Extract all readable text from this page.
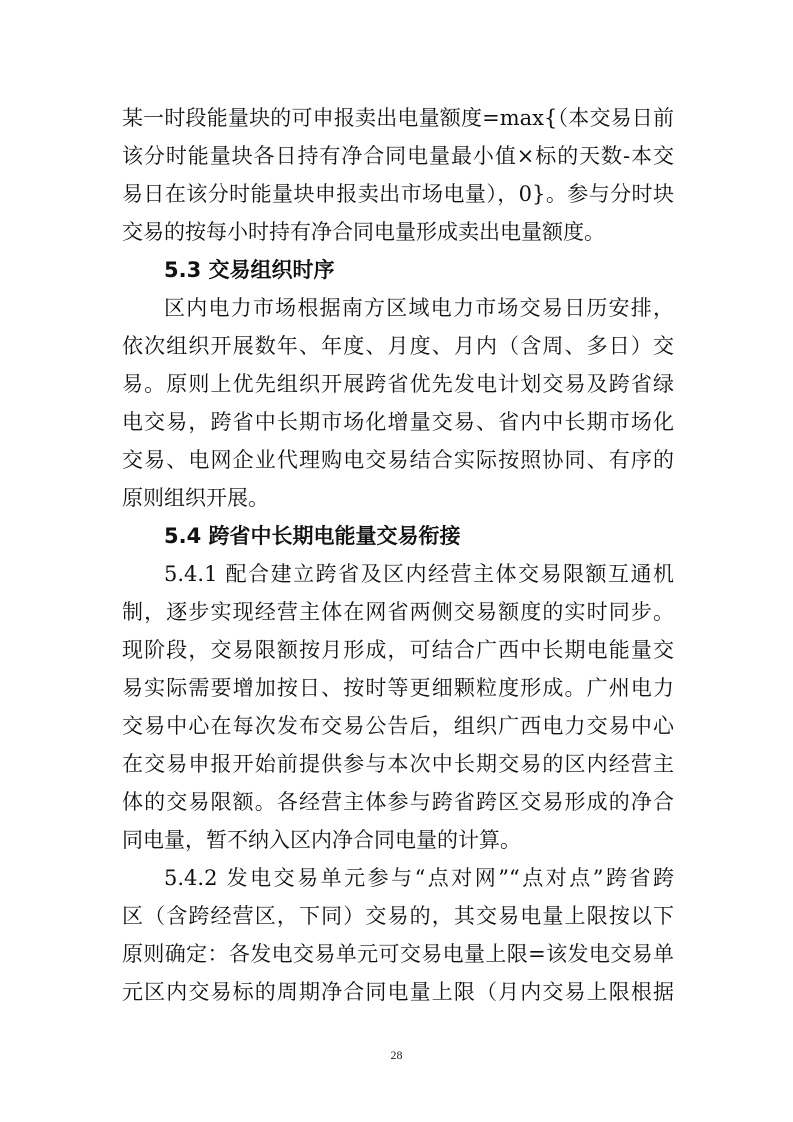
某一时段能量块的可申报卖出电量额度=max{（本交易日前
该分时能量块各日持有净合同电量最小值×标的天数-本交
易日在该分时能量块申报卖出市场电量），0}。参与分时块
交易的按每小时持有净合同电量形成卖出电量额度。
5.3 交易组织时序
区内电力市场根据南方区域电力市场交易日历安排，
依次组织开展数年、年度、月度、月内（含周、多日）交
易。原则上优先组织开展跨省优先发电计划交易及跨省绿
电交易，跨省中长期市场化增量交易、省内中长期市场化
交易、电网企业代理购电交易结合实际按照协同、有序的
原则组织开展。
5.4 跨省中长期电能量交易衔接
5.4.1 配合建立跨省及区内经营主体交易限额互通机
制，逐步实现经营主体在网省两侧交易额度的实时同步。
现阶段，交易限额按月形成，可结合广西中长期电能量交
易实际需要增加按日、按时等更细颗粒度形成。广州电力
交易中心在每次发布交易公告后，组织广西电力交易中心
在交易申报开始前提供参与本次中长期交易的区内经营主
体的交易限额。各经营主体参与跨省跨区交易形成的净合
同电量，暂不纳入区内净合同电量的计算。
5.4.2 发电交易单元参与“点对网”“点对点”跨省跨
区（含跨经营区，下同）交易的，其交易电量上限按以下
原则确定：各发电交易单元可交易电量上限=该发电交易单
元区内交易标的周期净合同电量上限（月内交易上限根据
28
